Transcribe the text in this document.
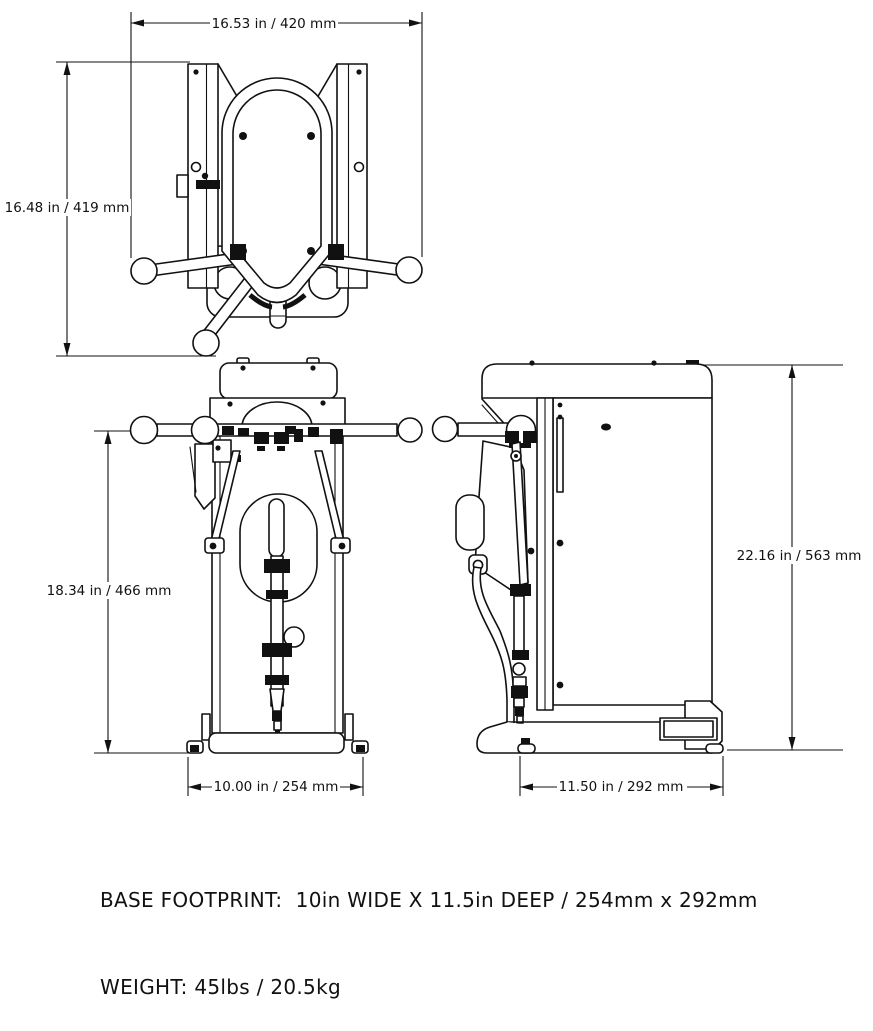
16.53 in / 420 mm
16.48 in / 419 mm
18.34 in / 466 mm
10.00 in / 254 mm
22.16 in / 563 mm
11.50 in / 292 mm

BASE FOOTPRINT:  10in WIDE X 11.5in DEEP / 254mm x 292mm

WEIGHT: 45lbs / 20.5kg
